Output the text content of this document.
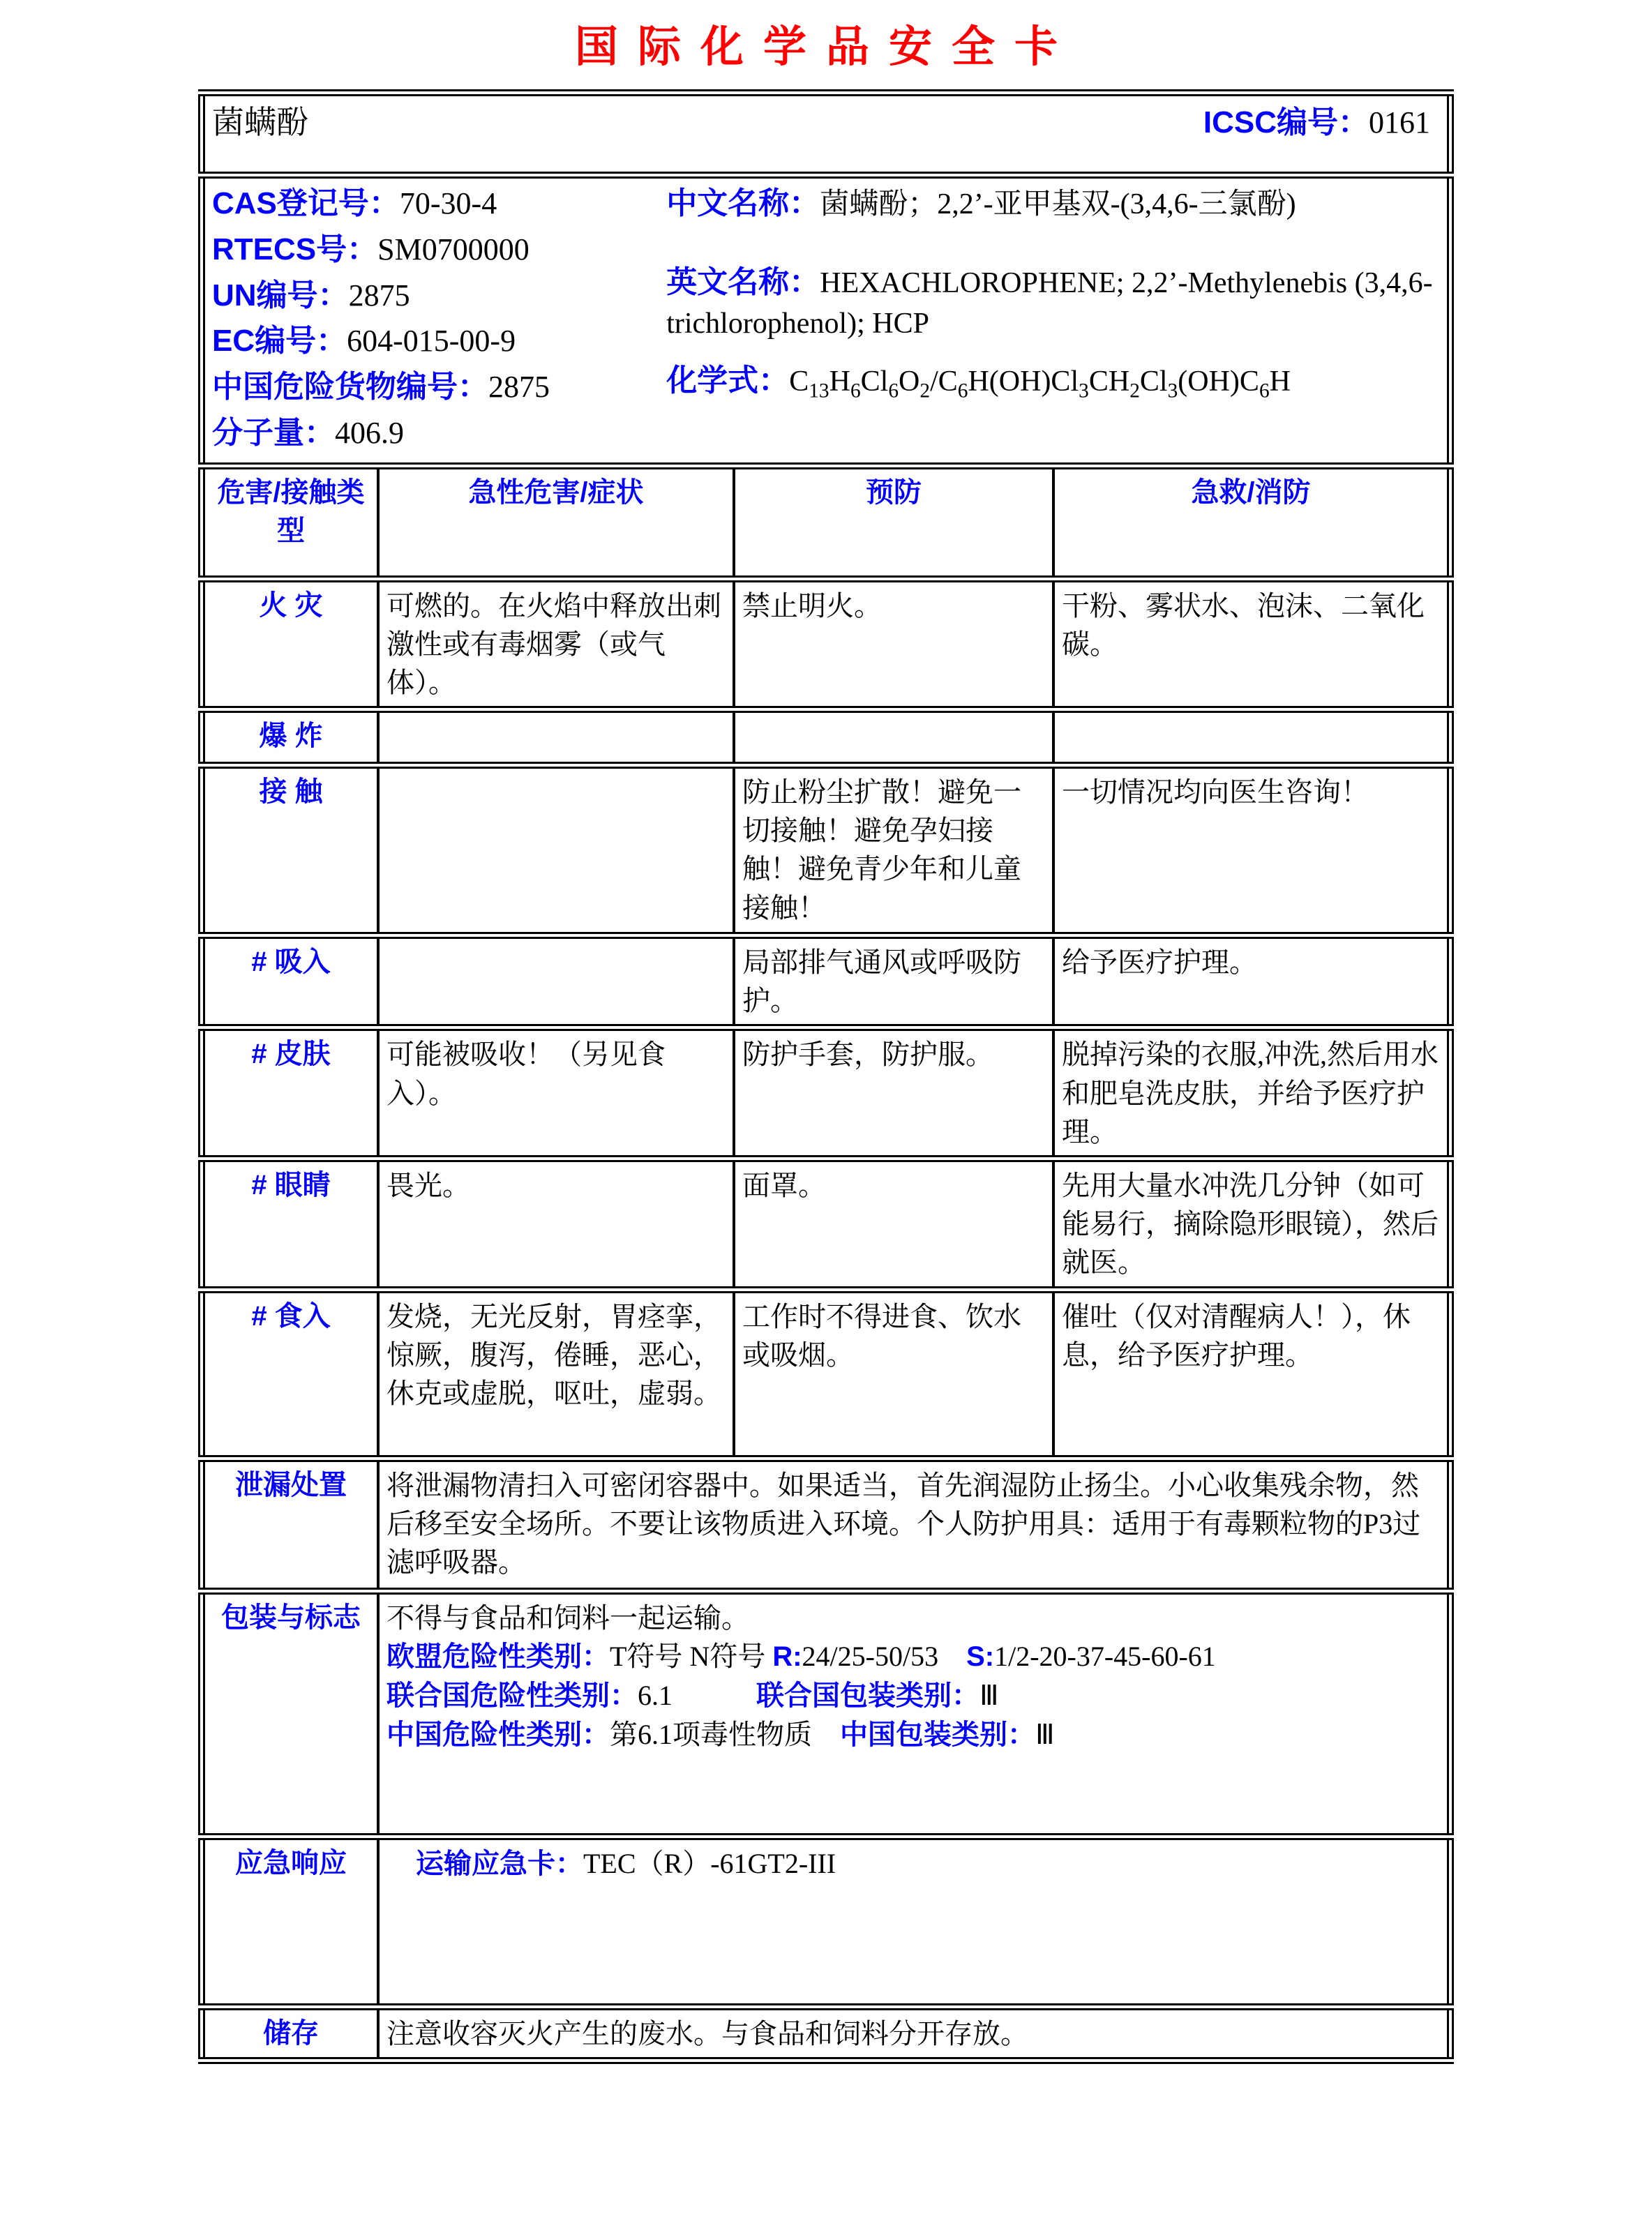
国际化学品安全卡
菌螨酚 ICSC编号：0161			

CAS登记号：70-30-4

RTECS号：SM0700000

UN编号：2875

EC编号：604-015-00-9

中国危险货物编号：2875

分子量：406.9

中文名称：菌螨酚；2,2’-亚甲基双-(3,4,6-三氯酚)

英文名称：HEXACHLOROPHENE; 2,2’-Methylenebis (3,4,6-trichlorophenol); HCP

化学式：$C_{13}H_6Cl_6O_2/C_6H(OH)Cl_3CH_2Cl_3(OH)C_6H$

危害/接触类型	急性危害/症状	预防	急救/消防
火 灾	可燃的。在火焰中释放出刺激性或有毒烟雾（或气体）。	禁止明火。	干粉、雾状水、泡沫、二氧化碳。
爆 炸			
接 触		防止粉尘扩散！避免一切接触！避免孕妇接触！避免青少年和儿童接触！	一切情况均向医生咨询！
# 吸入		局部排气通风或呼吸防护。	给予医疗护理。
# 皮肤	可能被吸收！（另见食入）。	防护手套，防护服。	脱掉污染的衣服,冲洗,然后用水和肥皂洗皮肤，并给予医疗护理。
# 眼睛	畏光。	面罩。	先用大量水冲洗几分钟（如可能易行，摘除隐形眼镜），然后就医。
# 食入	发烧，无光反射，胃痉挛，惊厥，腹泻，倦睡，恶心，休克或虚脱，呕吐，虚弱。	工作时不得进食、饮水或吸烟。	催吐（仅对清醒病人！），休息，给予医疗护理。
泄漏处置	将泄漏物清扫入可密闭容器中。如果适当，首先润湿防止扬尘。小心收集残余物，然后移至安全场所。不要让该物质进入环境。个人防护用具：适用于有毒颗粒物的P3过滤呼吸器。		
包装与标志	不得与食品和饲料一起运输。

欧盟危险性类别：T符号 N符号 R:24/25-50/53　S:1/2-20-37-45-60-61

联合国危险性类别：6.1　　　联合国包装类别：Ⅲ

中国危险性类别：第6.1项毒性物质　中国包装类别：Ⅲ		

应急响应	运输应急卡：TEC（R）-61GT2-III		

储存	注意收容灭火产生的废水。与食品和饲料分开存放。		
